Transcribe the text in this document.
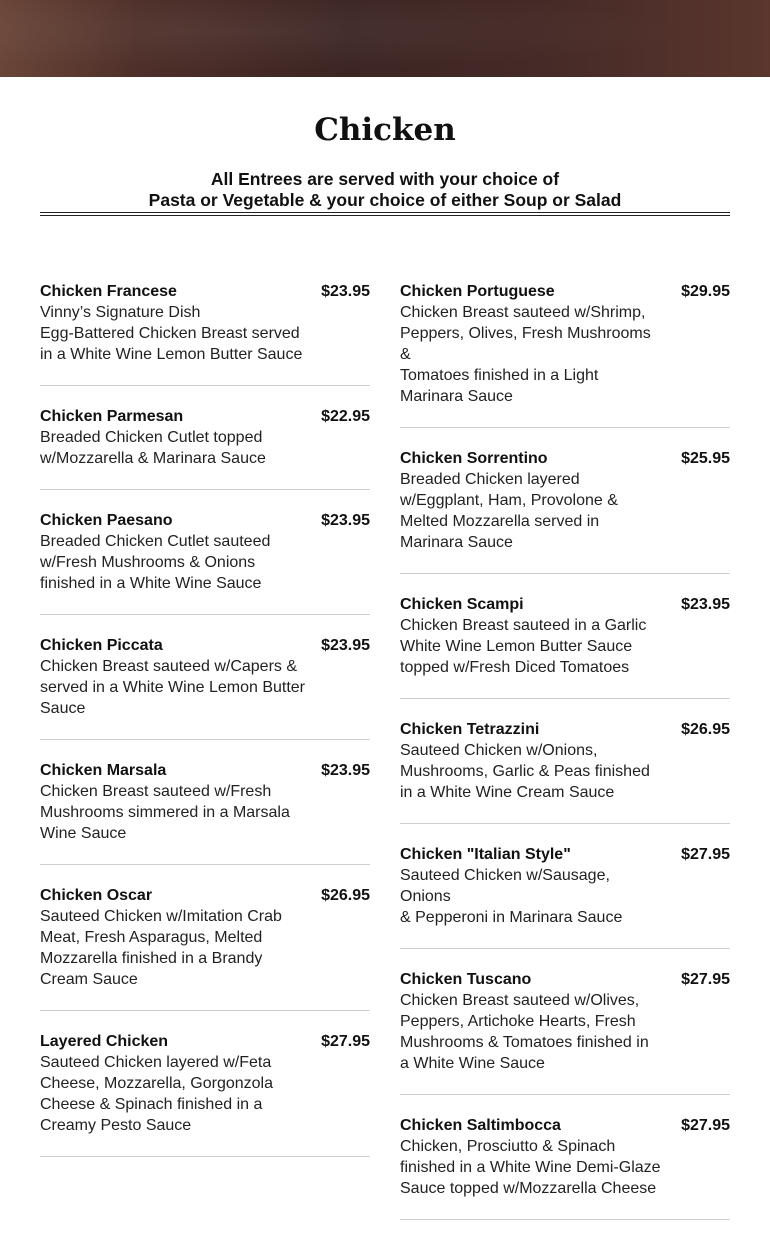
Chicken
All Entrees are served with your choice of
Pasta or Vegetable & your choice of either Soup or Salad
Chicken Francese	$23.95
Vinny’s Signature Dish
Egg-Battered Chicken Breast served
in a White Wine Lemon Butter Sauce
Chicken Parmesan	$22.95
Breaded Chicken Cutlet topped
w/Mozzarella & Marinara Sauce
Chicken Paesano	$23.95
Breaded Chicken Cutlet sauteed
w/Fresh Mushrooms & Onions
finished in a White Wine Sauce
Chicken Piccata	$23.95
Chicken Breast sauteed w/Capers &
served in a White Wine Lemon Butter
Sauce
Chicken Marsala	$23.95
Chicken Breast sauteed w/Fresh
Mushrooms simmered in a Marsala
Wine Sauce
Chicken Oscar	$26.95
Sauteed Chicken w/Imitation Crab
Meat, Fresh Asparagus, Melted
Mozzarella finished in a Brandy
Cream Sauce
Layered Chicken	$27.95
Sauteed Chicken layered w/Feta
Cheese, Mozzarella, Gorgonzola
Cheese & Spinach finished in a
Creamy Pesto Sauce
Chicken Portuguese	$29.95
Chicken Breast sauteed w/Shrimp,
Peppers, Olives, Fresh Mushrooms &
Tomatoes finished in a Light
Marinara Sauce
Chicken Sorrentino	$25.95
Breaded Chicken layered
w/Eggplant, Ham, Provolone &
Melted Mozzarella served in
Marinara Sauce
Chicken Scampi	$23.95
Chicken Breast sauteed in a Garlic
White Wine Lemon Butter Sauce
topped w/Fresh Diced Tomatoes
Chicken Tetrazzini	$26.95
Sauteed Chicken w/Onions,
Mushrooms, Garlic & Peas finished
in a White Wine Cream Sauce
Chicken "Italian Style"	$27.95
Sauteed Chicken w/Sausage, Onions
& Pepperoni in Marinara Sauce
Chicken Tuscano	$27.95
Chicken Breast sauteed w/Olives,
Peppers, Artichoke Hearts, Fresh
Mushrooms & Tomatoes finished in
a White Wine Sauce
Chicken Saltimbocca	$27.95
Chicken, Prosciutto & Spinach
finished in a White Wine Demi-Glaze
Sauce topped w/Mozzarella Cheese
